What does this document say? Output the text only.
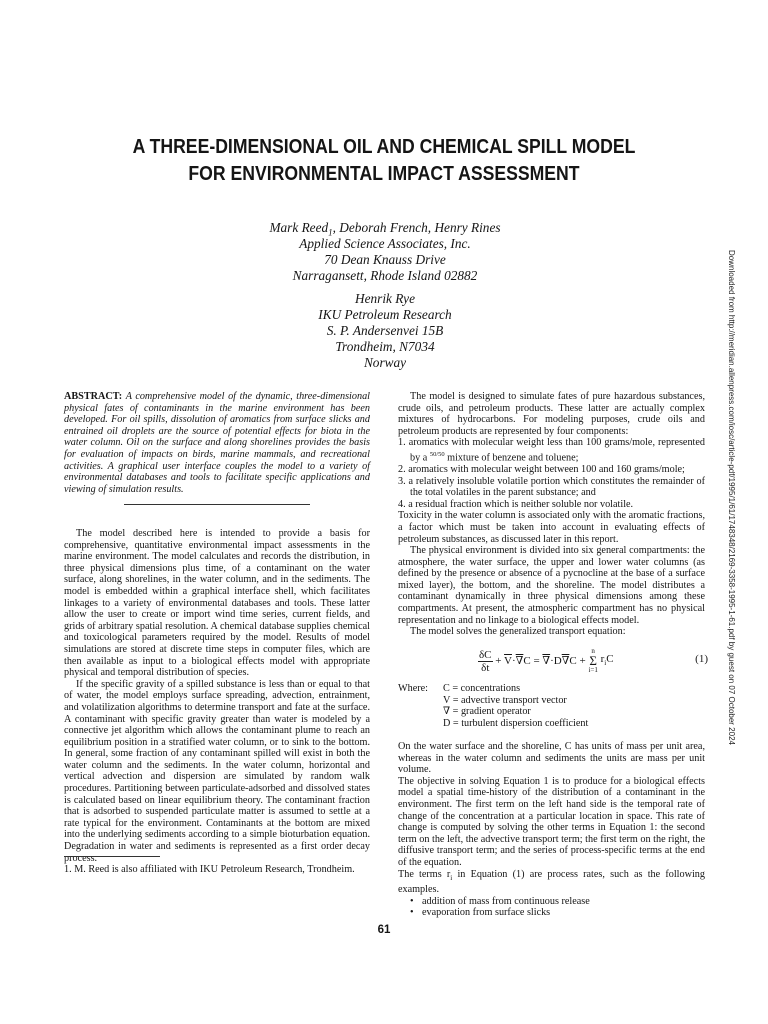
A THREE-DIMENSIONAL OIL AND CHEMICAL SPILL MODEL
FOR ENVIRONMENTAL IMPACT ASSESSMENT
Mark Reed$_1$, Deborah French, Henry Rines
Applied Science Associates, Inc.
70 Dean Knauss Drive
Narragansett, Rhode Island 02882
Henrik Rye
IKU Petroleum Research
S. P. Andersenvei 15B
Trondheim, N7034
Norway

ABSTRACT: A comprehensive model of the dynamic, three-dimensional physical fates of contaminants in the marine environment has been developed. For oil spills, dissolution of aromatics from surface slicks and entrained oil droplets are the source of potential effects for biota in the water column. Oil on the surface and along shorelines provides the basis for evaluation of impacts on birds, marine mammals, and recreational activities. A graphical user interface couples the model to a variety of environmental databases and tools to facilitate specific applications and viewing of simulation results.

The model described here is intended to provide a basis for comprehensive, quantitative environmental impact assessments in the marine environment. The model calculates and records the distribution, in three physical dimensions plus time, of a contaminant on the water surface, along shorelines, in the water column, and in the sediments. The model is embedded within a graphical interface shell, which facilitates linkages to a variety of environmental databases and tools. These latter allow the user to create or import wind time series, current fields, and grids of arbitrary spatial resolution. A chemical database supplies chemical and toxicological parameters required by the model. Results of model simulations are stored at discrete time steps in computer files, which are then available as input to a biological effects model with appropriate physical and temporal distribution of species.

If the specific gravity of a spilled substance is less than or equal to that of water, the model employs surface spreading, advection, entrainment, and volatilization algorithms to determine transport and fate at the surface. A contaminant with specific gravity greater than water is modeled by a connective jet algorithm which allows the contaminant plume to reach an equilibrium position in a stratified water column, or to sink to the bottom. In general, some fraction of any contaminant spilled will exist in both the water column and the sediments. In the water column, horizontal and vertical advection and dispersion are simulated by random walk procedures. Partitioning between particulate-adsorbed and dissolved states is calculated based on linear equilibrium theory. The contaminant fraction that is adsorbed to suspended particulate matter is assumed to settle at a rate typical for the environment. Contaminants at the bottom are mixed into the underlying sediments according to a simple bioturbation equation. Degradation in water and sediments is represented as a first order decay process.

1. M. Reed is also affiliated with IKU Petroleum Research, Trondheim.

The model is designed to simulate fates of pure hazardous substances, crude oils, and petroleum products. These latter are actually complex mixtures of hydrocarbons. For modeling purposes, crude oils and petroleum products are represented by four components:

1. aromatics with molecular weight less than 100 grams/mole, represented by a $^{50/50}$ mixture of benzene and toluene;

2. aromatics with molecular weight between 100 and 160 grams/mole;

3. a relatively insoluble volatile portion which constitutes the remainder of the total volatiles in the parent substance; and

4. a residual fraction which is neither soluble nor volatile.

Toxicity in the water column is associated only with the aromatic fractions, a factor which must be taken into account in evaluating effects of petroleum substances, as discussed later in this report.

The physical environment is divided into six general compartments: the atmosphere, the water surface, the upper and lower water columns (as defined by the presence or absence of a pycnocline at the base of a surface mixed layer), the bottom, and the shoreline. The model distributes a contaminant dynamically in three physical dimensions among these compartments. At present, the atmospheric compartment has no physical representation and no linkage to a biological effects model.

The model solves the generalized transport equation:

$\frac{\delta C}{\delta t} + \overline{V}\cdot\nabla C = \nabla\cdot D\nabla C + n$
Σ
i=1 $r_iC$	(1)
Where: C = concentrations
V = advective transport vector
∇ = gradient operator
D = turbulent dispersion coefficient

On the water surface and the shoreline, C has units of mass per unit area, whereas in the water column and sediments the units are mass per unit volume.

The objective in solving Equation 1 is to produce for a biological effects model a spatial time-history of the distribution of a contaminant in the environment. The first term on the left hand side is the temporal rate of change of the concentration at a particular location in space. This rate of change is computed by solving the other terms in Equation 1: the second term on the left, the advective transport term; the first term on the right, the diffusive transport term; and the series of process-specific terms at the end of the equation.

The terms $r_i$ in Equation (1) are process rates, such as the following examples.

• addition of mass from continuous release

• evaporation from surface slicks

61
Downloaded from http://meridian.allenpress.com/iosc/article-pdf/1995/1/61/1748348/2169-3358-1995-1-61.pdf by guest on 07 October 2024
